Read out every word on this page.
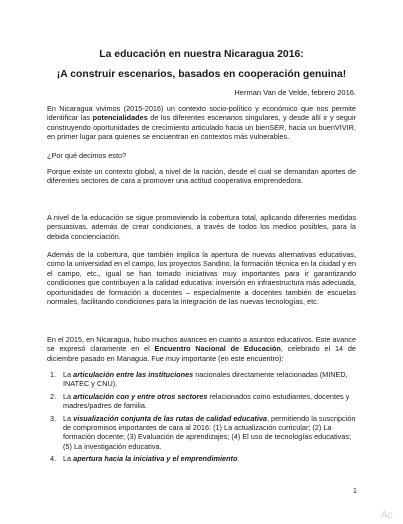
La educación en nuestra Nicaragua 2016:
¡A construir escenarios, basados en cooperación genuina!
Herman Van de Velde, febrero 2016.
En Nicaragua vivimos (2015-2016) un contexto socio-político y económico que nos permite identificar las potencialidades de los diferentes escenarios singulares, y desde allí ir y seguir construyendo oportunidades de crecimiento articulado hacia un bienSER, hacia un buenVIVIR, en primer lugar para quienes se encuentran en contextos más vulnerables.
¿Por qué decimos esto?
Porque existe un contexto global, a nivel de la nación, desde el cual se demandan aportes de diferentes sectores de cara a promover una actitud cooperativa emprendedora.
A nivel de la educación se sigue promoviendo la cobertura total, aplicando diferentes medidas persuasivas, además de crear condiciones, a través de todos los medios posibles, para la debida concienciación.
Además de la cobertura, que también implica la apertura de nuevas alternativas educativas, como la universidad en el campo, los proyectos Sandino, la formación técnica en la ciudad y en el campo, etc., igual se han tomado iniciativas muy importantes para ir garantizando condiciones que contribuyen a la calidad educativa: inversión en infraestructura más adecuada, oportunidades de formación a docentes – especialmente a docentes también de escuelas normales, facilitando condiciones para la integración de las nuevas tecnologías, etc.
En el 2015, en Nicaragua, hubo muchos avances en cuanto a asuntos educativos. Este avance se expresó claramente en el Encuentro Nacional de Educación, celebrado el 14 de diciembre pasado en Managua. Fue muy importante (en este encuentro):
1. La articulación entre las instituciones nacionales directamente relacionadas (MINED, INATEC y CNU).
2. La articulación con y entre otros sectores relacionados como estudiantes, docentes y madres/padres de familia.
3. La visualización conjunta de las rutas de calidad educativa, permitiendo la suscripción de compromisos importantes de cara al 2016: (1) La actualización curricular; (2) La formación docente; (3) Evaluación de aprendizajes; (4) El uso de tecnologías educativas; (5) La investigación educativa.
4. La apertura hacia la iniciativa y el emprendimiento.
1
Ac
